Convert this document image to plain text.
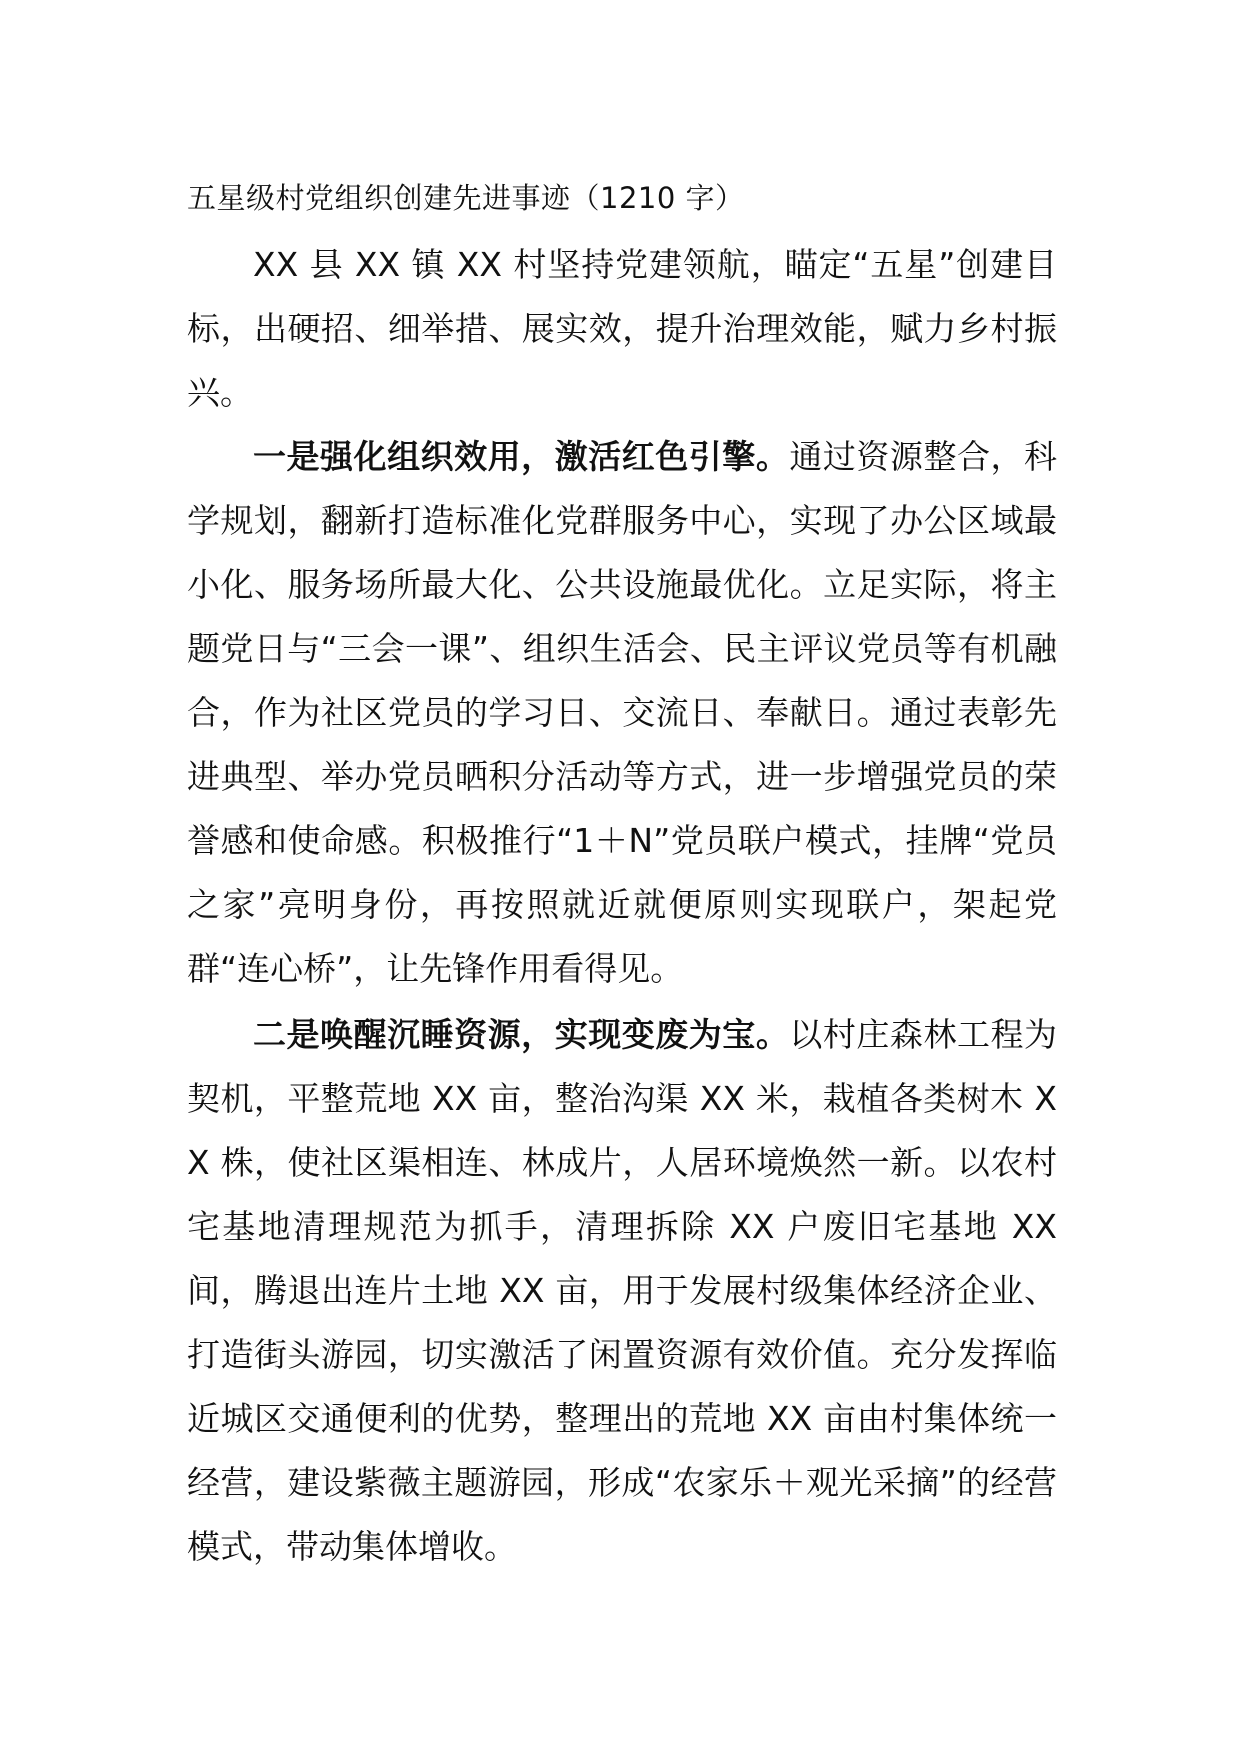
五星级村党组织创建先进事迹（1210 字）

XX 县 XX 镇 XX 村坚持党建领航，瞄定“五星”创建目标，出硬招、细举措、展实效，提升治理效能，赋力乡村振兴。

一是强化组织效用，激活红色引擎。通过资源整合，科学规划，翻新打造标准化党群服务中心，实现了办公区域最小化、服务场所最大化、公共设施最优化。立足实际，将主题党日与“三会一课”、组织生活会、民主评议党员等有机融合，作为社区党员的学习日、交流日、奉献日。通过表彰先进典型、举办党员晒积分活动等方式，进一步增强党员的荣誉感和使命感。积极推行“1＋N”党员联户模式，挂牌“党员之家”亮明身份，再按照就近就便原则实现联户，架起党群“连心桥”，让先锋作用看得见。

二是唤醒沉睡资源，实现变废为宝。以村庄森林工程为契机，平整荒地 XX 亩，整治沟渠 XX 米，栽植各类树木 XX 株，使社区渠相连、林成片，人居环境焕然一新。以农村宅基地清理规范为抓手，清理拆除 XX 户废旧宅基地 XX 间，腾退出连片土地 XX 亩，用于发展村级集体经济企业、打造街头游园，切实激活了闲置资源有效价值。充分发挥临近城区交通便利的优势，整理出的荒地 XX 亩由村集体统一经营，建设紫薇主题游园，形成“农家乐＋观光采摘”的经营模式，带动集体增收。
